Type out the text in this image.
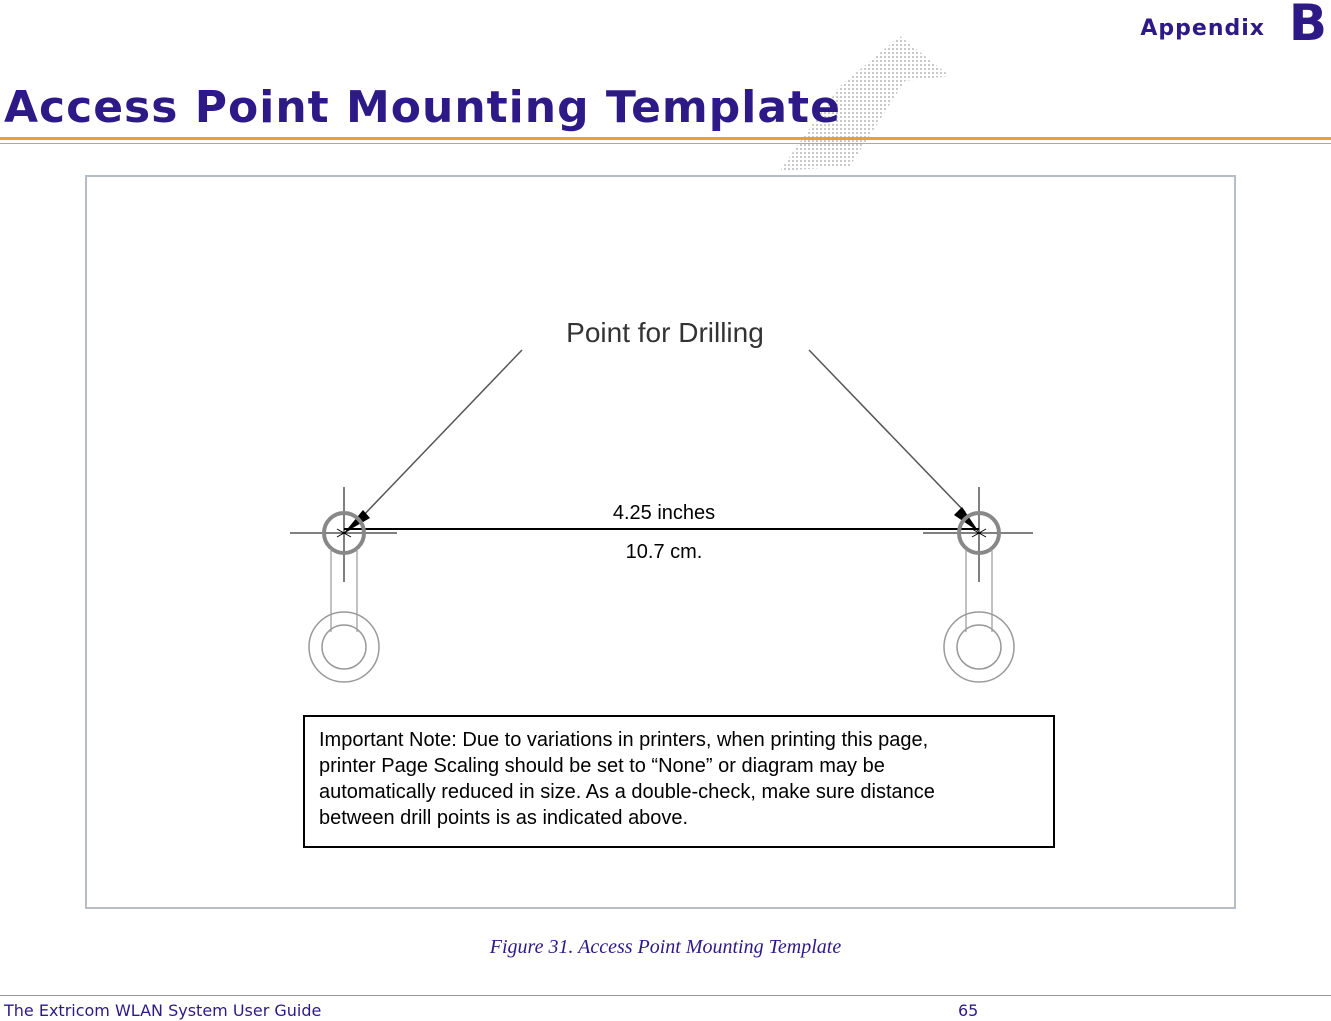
Appendix B
Access Point Mounting Template
Point for Drilling
4.25 inches
10.7 cm.

Important Note: Due to variations in printers, when printing this page,

printer Page Scaling should be set to “None” or diagram may be

automatically reduced in size. As a double-check, make sure distance

between drill points is as indicated above.

Figure 31. Access Point Mounting Template
The Extricom WLAN System User Guide	65
